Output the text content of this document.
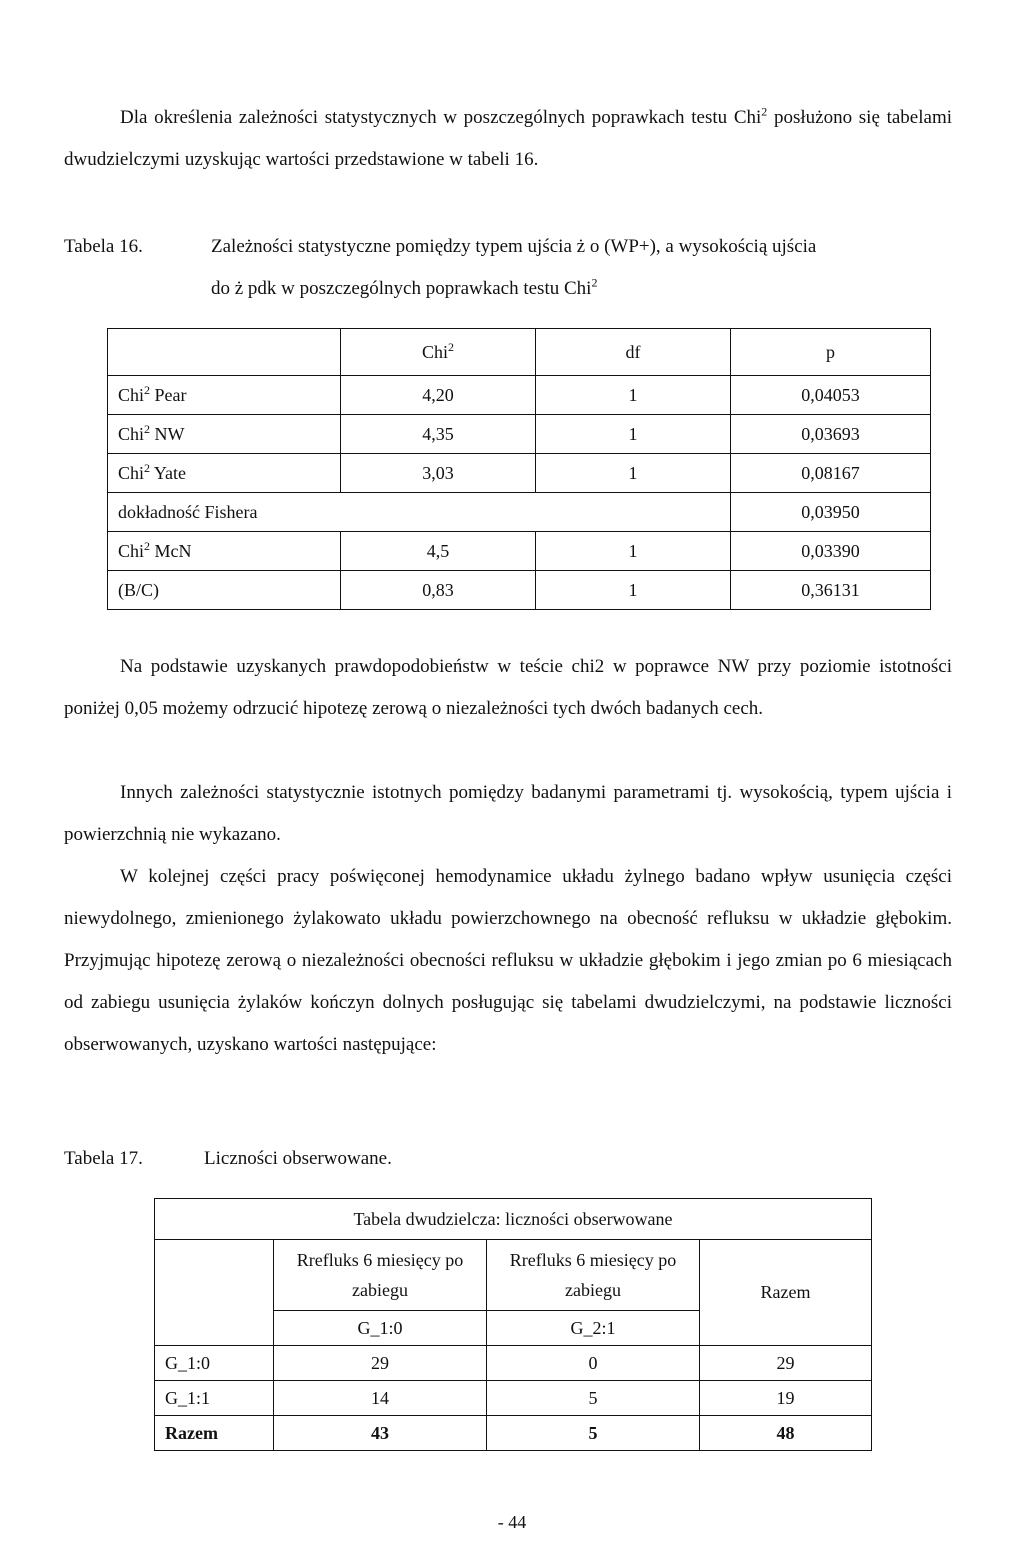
Dla określenia zależności statystycznych w poszczególnych poprawkach testu Chi$^2$ posłużono się tabelami dwudzielczymi uzyskując wartości przedstawione w tabeli 16.

Tabela 16.	Zależności statystyczne pomiędzy typem ujścia ż o (WP+), a wysokością ujścia
do ż pdk w poszczególnych poprawkach testu Chi$^2$
	Chi$^2$	df	p
Chi$^2$ Pear	4,20	1	0,04053
Chi$^2$ NW	4,35	1	0,03693
Chi$^2$ Yate	3,03	1	0,08167
dokładność Fishera			0,03950
Chi$^2$ McN	4,5	1	0,03390
(B/C)	0,83	1	0,36131

Na podstawie uzyskanych prawdopodobieństw w teście chi2 w poprawce NW przy poziomie istotności poniżej 0,05 możemy odrzucić hipotezę zerową o niezależności tych dwóch badanych cech.

Innych zależności statystycznie istotnych pomiędzy badanymi parametrami tj. wysokością, typem ujścia i powierzchnią nie wykazano.

W kolejnej części pracy poświęconej hemodynamice układu żylnego badano wpływ usunięcia części niewydolnego, zmienionego żylakowato układu powierzchownego na obecność refluksu w układzie głębokim. Przyjmując hipotezę zerową o niezależności obecności refluksu w układzie głębokim i jego zmian po 6 miesiącach od zabiegu usunięcia żylaków kończyn dolnych posługując się tabelami dwudzielczymi, na podstawie liczności obserwowanych, uzyskano wartości następujące:

Tabela 17.	Liczności obserwowane.
Tabela dwudzielcza: liczności obserwowane			
	Rrefluks 6 miesięcy po zabiegu	Rrefluks 6 miesięcy po zabiegu	Razem
	G_1:0	G_2:1	
G_1:0	29	0	29
G_1:1	14	5	19
Razem	43	5	48
- 44
